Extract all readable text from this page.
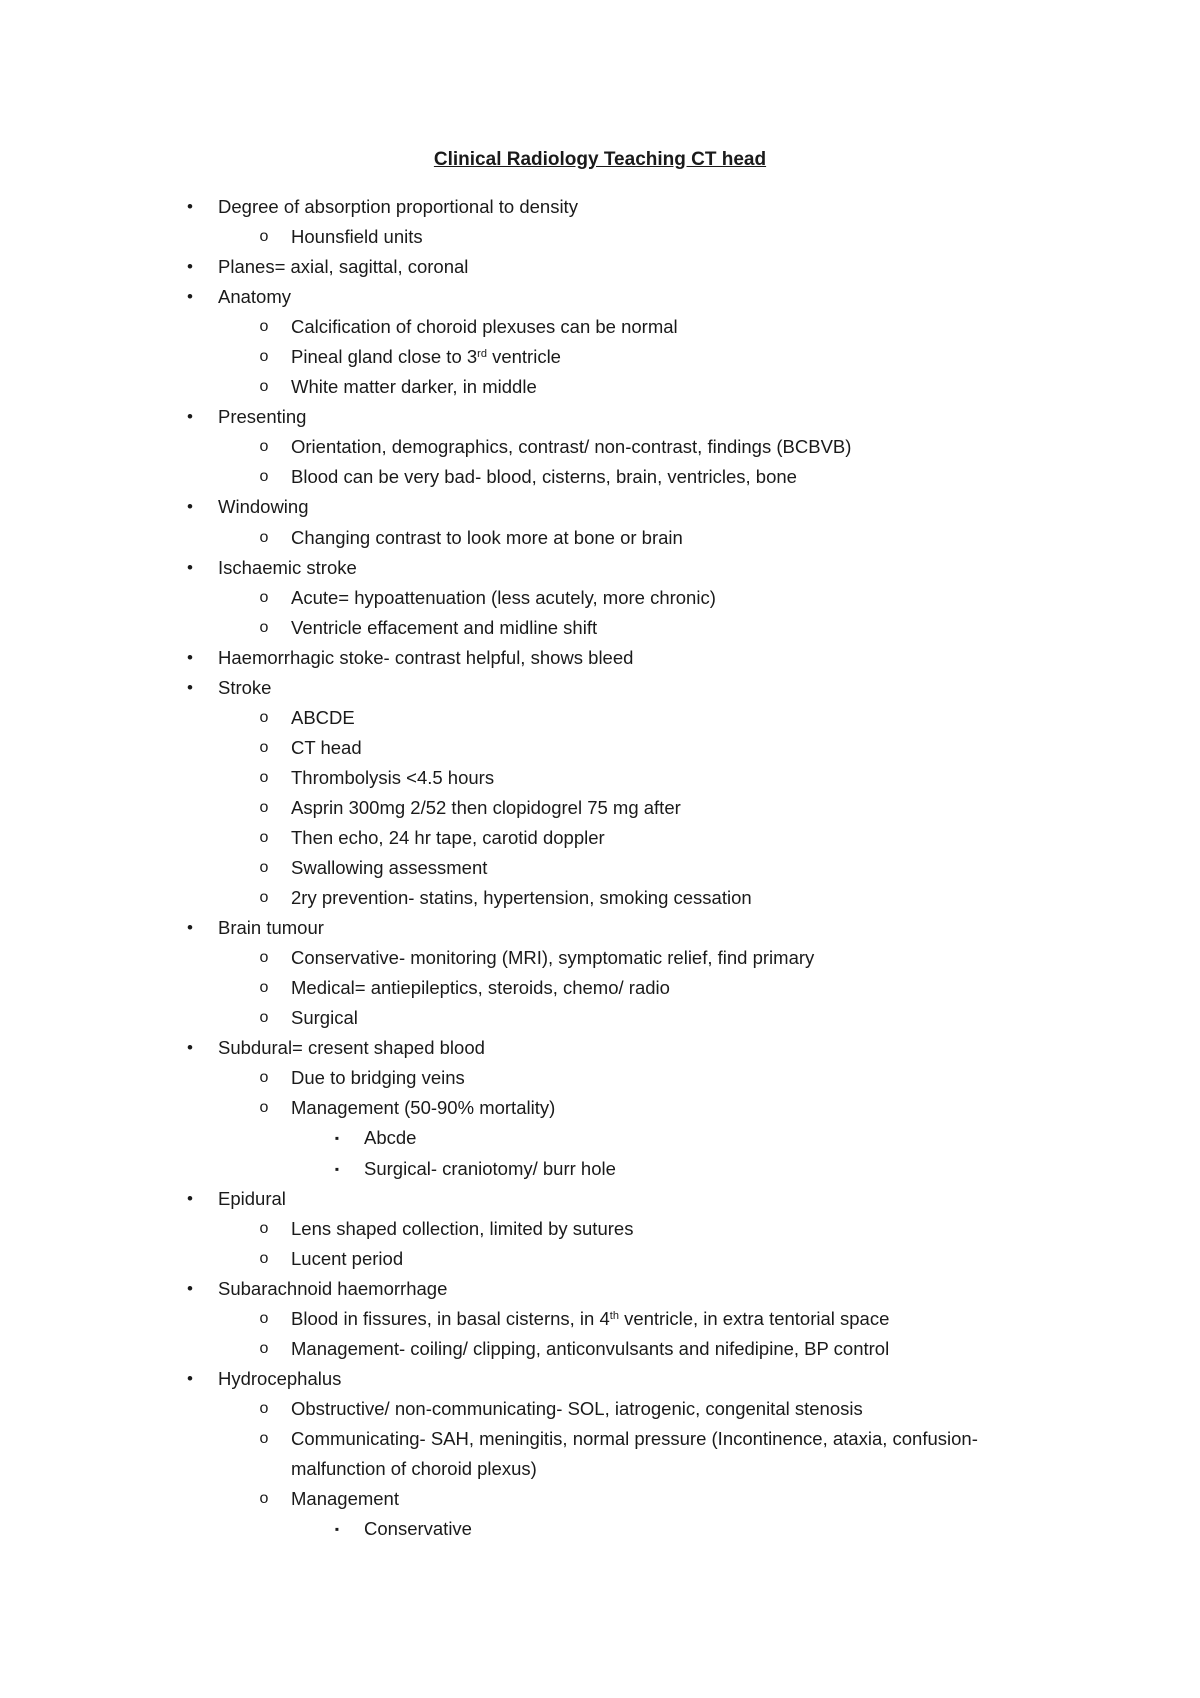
Clinical Radiology Teaching CT head
•	Degree of absorption proportional to density
o Hounsfield units
•	Planes= axial, sagittal, coronal
•	Anatomy
o Calcification of choroid plexuses can be normal
o Pineal gland close to 3rd ventricle
o White matter darker, in middle
•	Presenting
o Orientation, demographics, contrast/ non-contrast, findings (BCBVB)
o Blood can be very bad- blood, cisterns, brain, ventricles, bone
•	Windowing
o Changing contrast to look more at bone or brain
•	Ischaemic stroke
o Acute= hypoattenuation (less acutely, more chronic)
o Ventricle effacement and midline shift
•	Haemorrhagic stoke- contrast helpful, shows bleed
•	Stroke
o ABCDE
o CT head
o Thrombolysis <4.5 hours
o Asprin 300mg 2/52 then clopidogrel 75 mg after
o Then echo, 24 hr tape, carotid doppler
o Swallowing assessment
o 2ry prevention- statins, hypertension, smoking cessation
•	Brain tumour
o Conservative- monitoring (MRI), symptomatic relief, find primary
o Medical= antiepileptics, steroids, chemo/ radio
o Surgical
•	Subdural= cresent shaped blood
o Due to bridging veins
o Management (50-90% mortality)
▪	Abcde
▪	Surgical- craniotomy/ burr hole
•	Epidural
o Lens shaped collection, limited by sutures
o Lucent period
•	Subarachnoid haemorrhage
o Blood in fissures, in basal cisterns, in 4th ventricle, in extra tentorial space
o Management- coiling/ clipping, anticonvulsants and nifedipine, BP control
•	Hydrocephalus
o Obstructive/ non-communicating- SOL, iatrogenic, congenital stenosis
o Communicating- SAH, meningitis, normal pressure (Incontinence, ataxia, confusion-
malfunction of choroid plexus)
o Management
▪	Conservative
